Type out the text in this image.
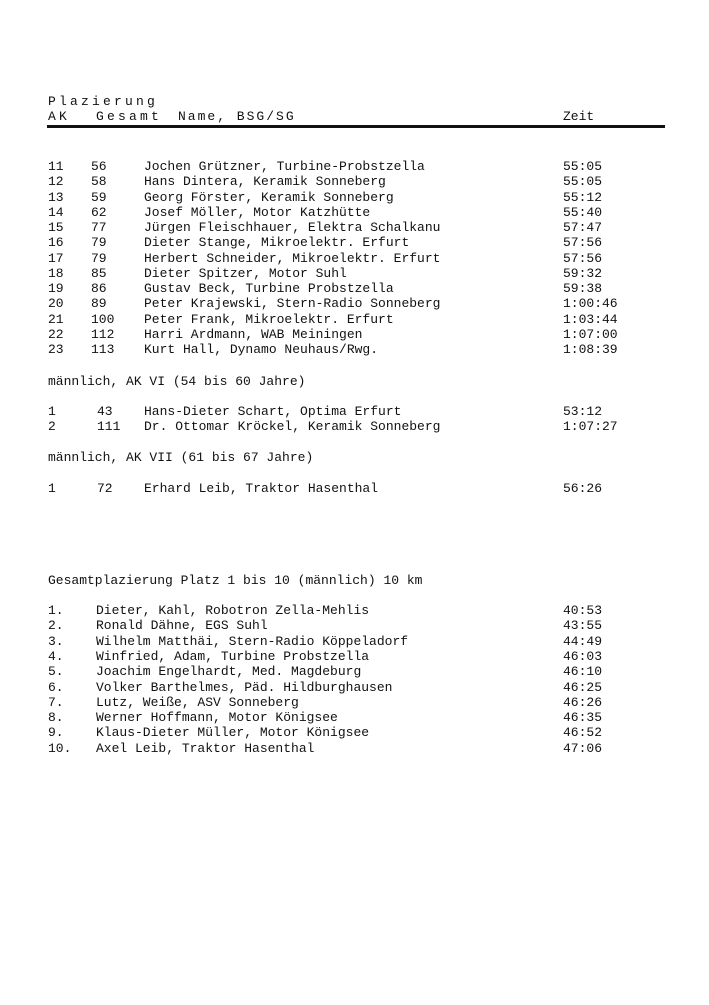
Plazierung
AK Gesamt Name, BSG/SG	Zeit
11 56	Jochen Grützner, Turbine-Probstzella	55:05
12 58	Hans Dintera, Keramik Sonneberg	55:05
13 59	Georg Förster, Keramik Sonneberg	55:12
14 62	Josef Möller, Motor Katzhütte	55:40
15 77	Jürgen Fleischhauer, Elektra Schalkanu	57:47
16 79	Dieter Stange, Mikroelektr. Erfurt	57:56
17 79	Herbert Schneider, Mikroelektr. Erfurt	57:56
18 85	Dieter Spitzer, Motor Suhl	59:32
19 86	Gustav Beck, Turbine Probstzella	59:38
20 89	Peter Krajewski, Stern-Radio Sonneberg	1:00:46
21 100 Peter Frank, Mikroelektr. Erfurt	1:03:44
22 112 Harri Ardmann, WAB Meiningen	1:07:00
23 113 Kurt Hall, Dynamo Neuhaus/Rwg.	1:08:39
männlich, AK VI (54 bis 60 Jahre)
1	43 Hans-Dieter Schart, Optima Erfurt	53:12
2	111 Dr. Ottomar Kröckel, Keramik Sonneberg	1:07:27
männlich, AK VII (61 bis 67 Jahre)
1	72 Erhard Leib, Traktor Hasenthal	56:26
Gesamtplazierung Platz 1 bis 10 (männlich) 10 km
1. Dieter, Kahl, Robotron Zella-Mehlis	40:53
2. Ronald Dähne, EGS Suhl	43:55
3. Wilhelm Matthäi, Stern-Radio Köppeladorf	44:49
4. Winfried, Adam, Turbine Probstzella	46:03
5. Joachim Engelhardt, Med. Magdeburg	46:10
6. Volker Barthelmes, Päd. Hildburghausen	46:25
7. Lutz, Weiße, ASV Sonneberg	46:26
8. Werner Hoffmann, Motor Königsee	46:35
9. Klaus-Dieter Müller, Motor Königsee	46:52
10. Axel Leib, Traktor Hasenthal	47:06
